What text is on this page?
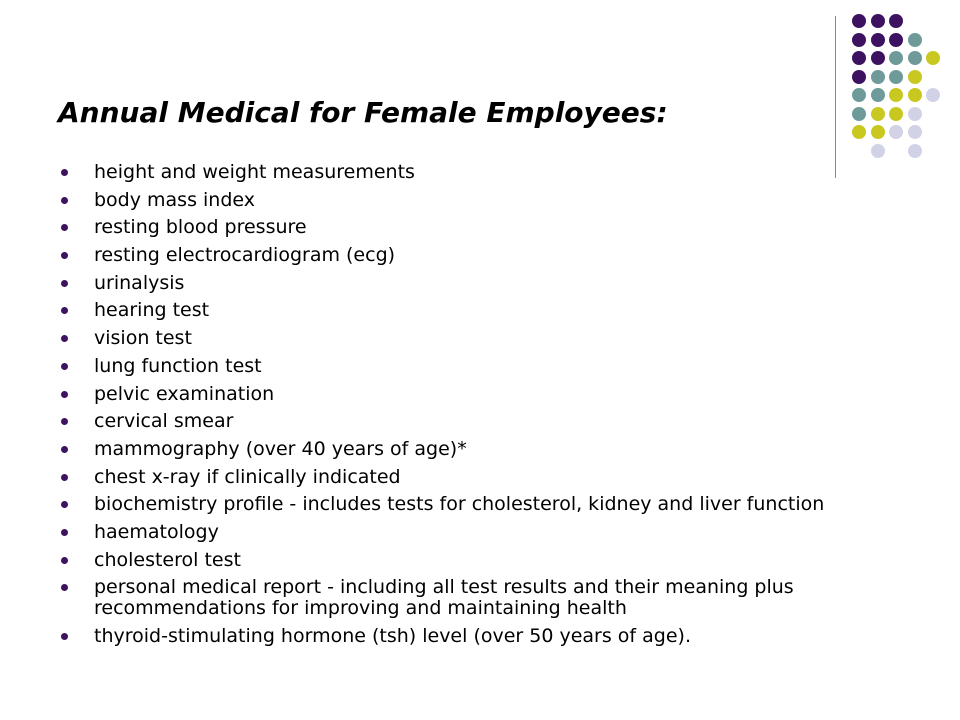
Annual Medical for Female Employees:
height and weight measurements
body mass index
resting blood pressure
resting electrocardiogram (ecg)
urinalysis
hearing test
vision test
lung function test
pelvic examination
cervical smear
mammography (over 40 years of age)*
chest x-ray if clinically indicated
biochemistry profile - includes tests for cholesterol, kidney and liver function
haematology
cholesterol test
personal medical report - including all test results and their meaning plus recommendations for improving and maintaining health
thyroid-stimulating hormone (tsh) level (over 50 years of age).
